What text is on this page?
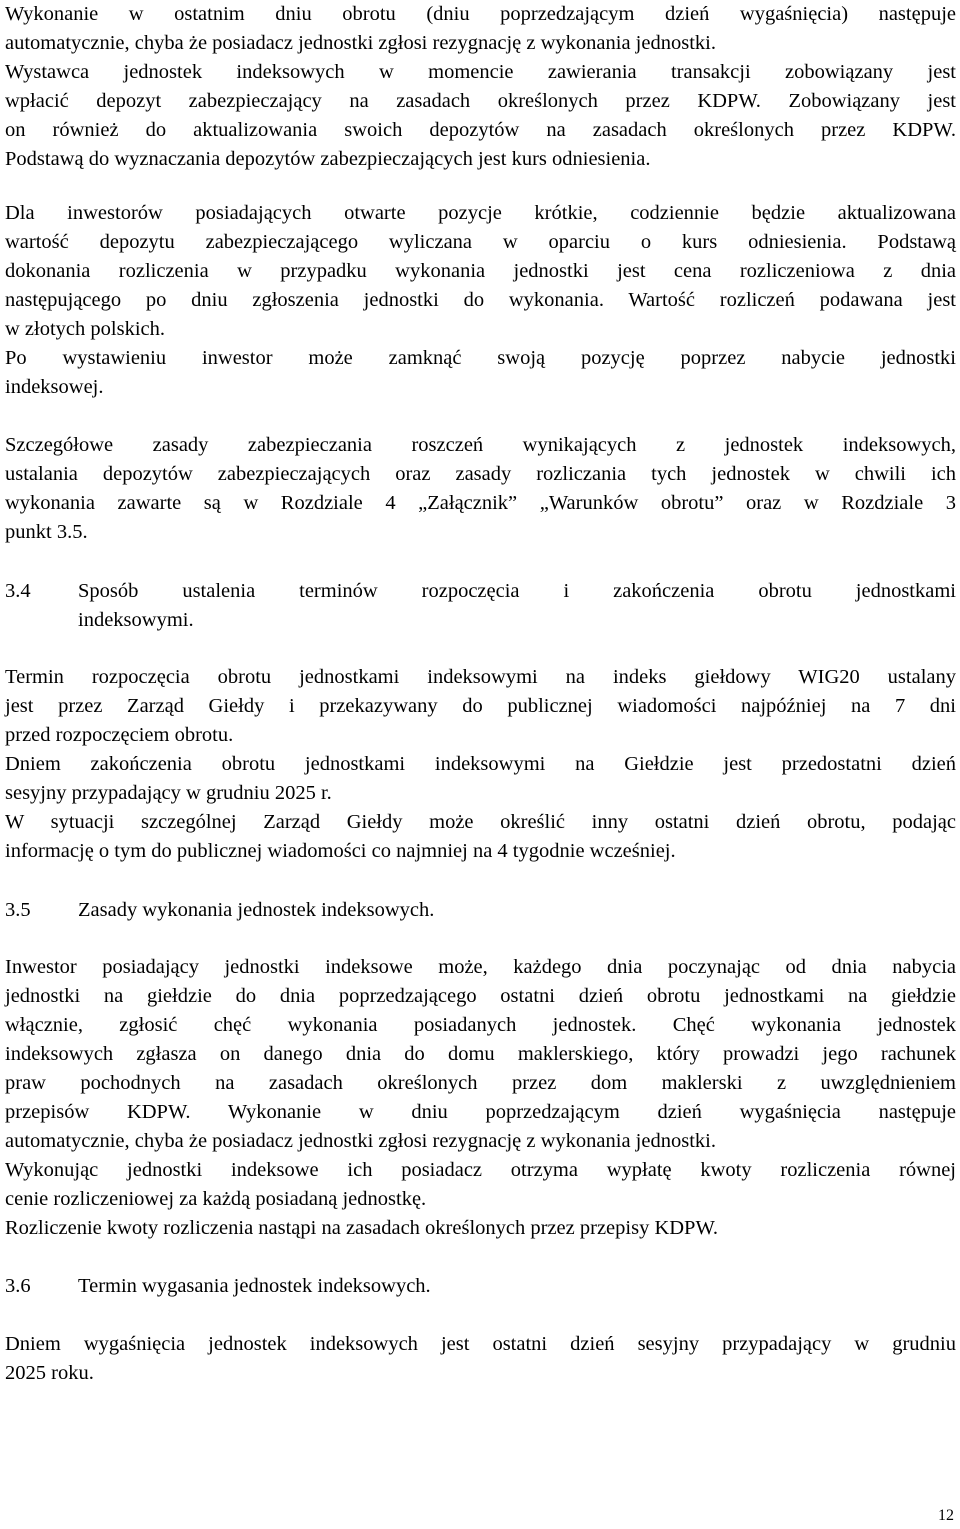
Wykonanie w ostatnim dniu obrotu (dniu poprzedzającym dzień wygaśnięcia) następuje
automatycznie, chyba że posiadacz jednostki zgłosi rezygnację z wykonania jednostki.
Wystawca jednostek indeksowych w momencie zawierania transakcji zobowiązany jest
wpłacić depozyt zabezpieczający na zasadach określonych przez KDPW. Zobowiązany jest
on również do aktualizowania swoich depozytów na zasadach określonych przez KDPW.
Podstawą do wyznaczania depozytów zabezpieczających jest kurs odniesienia.
Dla inwestorów posiadających otwarte pozycje krótkie, codziennie będzie aktualizowana
wartość depozytu zabezpieczającego wyliczana w oparciu o kurs odniesienia. Podstawą
dokonania rozliczenia w przypadku wykonania jednostki jest cena rozliczeniowa z dnia
następującego po dniu zgłoszenia jednostki do wykonania. Wartość rozliczeń podawana jest
w złotych polskich.
Po wystawieniu inwestor może zamknąć swoją pozycję poprzez nabycie jednostki
indeksowej.
Szczegółowe zasady zabezpieczania roszczeń wynikających z jednostek indeksowych,
ustalania depozytów zabezpieczających oraz zasady rozliczania tych jednostek w chwili ich
wykonania zawarte są w Rozdziale 4 „Załącznik” „Warunków obrotu” oraz w Rozdziale 3
punkt 3.5.
3.4 Sposób ustalenia terminów rozpoczęcia i zakończenia obrotu jednostkami
indeksowymi.
Termin rozpoczęcia obrotu jednostkami indeksowymi na indeks giełdowy WIG20 ustalany
jest przez Zarząd Giełdy i przekazywany do publicznej wiadomości najpóźniej na 7 dni
przed rozpoczęciem obrotu.
Dniem zakończenia obrotu jednostkami indeksowymi na Giełdzie jest przedostatni dzień
sesyjny przypadający w grudniu 2025 r.
W sytuacji szczególnej Zarząd Giełdy może określić inny ostatni dzień obrotu, podając
informację o tym do publicznej wiadomości co najmniej na 4 tygodnie wcześniej.
3.5 Zasady wykonania jednostek indeksowych.
Inwestor posiadający jednostki indeksowe może, każdego dnia poczynając od dnia nabycia
jednostki na giełdzie do dnia poprzedzającego ostatni dzień obrotu jednostkami na giełdzie
włącznie, zgłosić chęć wykonania posiadanych jednostek. Chęć wykonania jednostek
indeksowych zgłasza on danego dnia do domu maklerskiego, który prowadzi jego rachunek
praw pochodnych na zasadach określonych przez dom maklerski z uwzględnieniem
przepisów KDPW. Wykonanie w dniu poprzedzającym dzień wygaśnięcia następuje
automatycznie, chyba że posiadacz jednostki zgłosi rezygnację z wykonania jednostki.
Wykonując jednostki indeksowe ich posiadacz otrzyma wypłatę kwoty rozliczenia równej
cenie rozliczeniowej za każdą posiadaną jednostkę.
Rozliczenie kwoty rozliczenia nastąpi na zasadach określonych przez przepisy KDPW.
3.6 Termin wygasania jednostek indeksowych.
Dniem wygaśnięcia jednostek indeksowych jest ostatni dzień sesyjny przypadający w grudniu
2025 roku.
12
